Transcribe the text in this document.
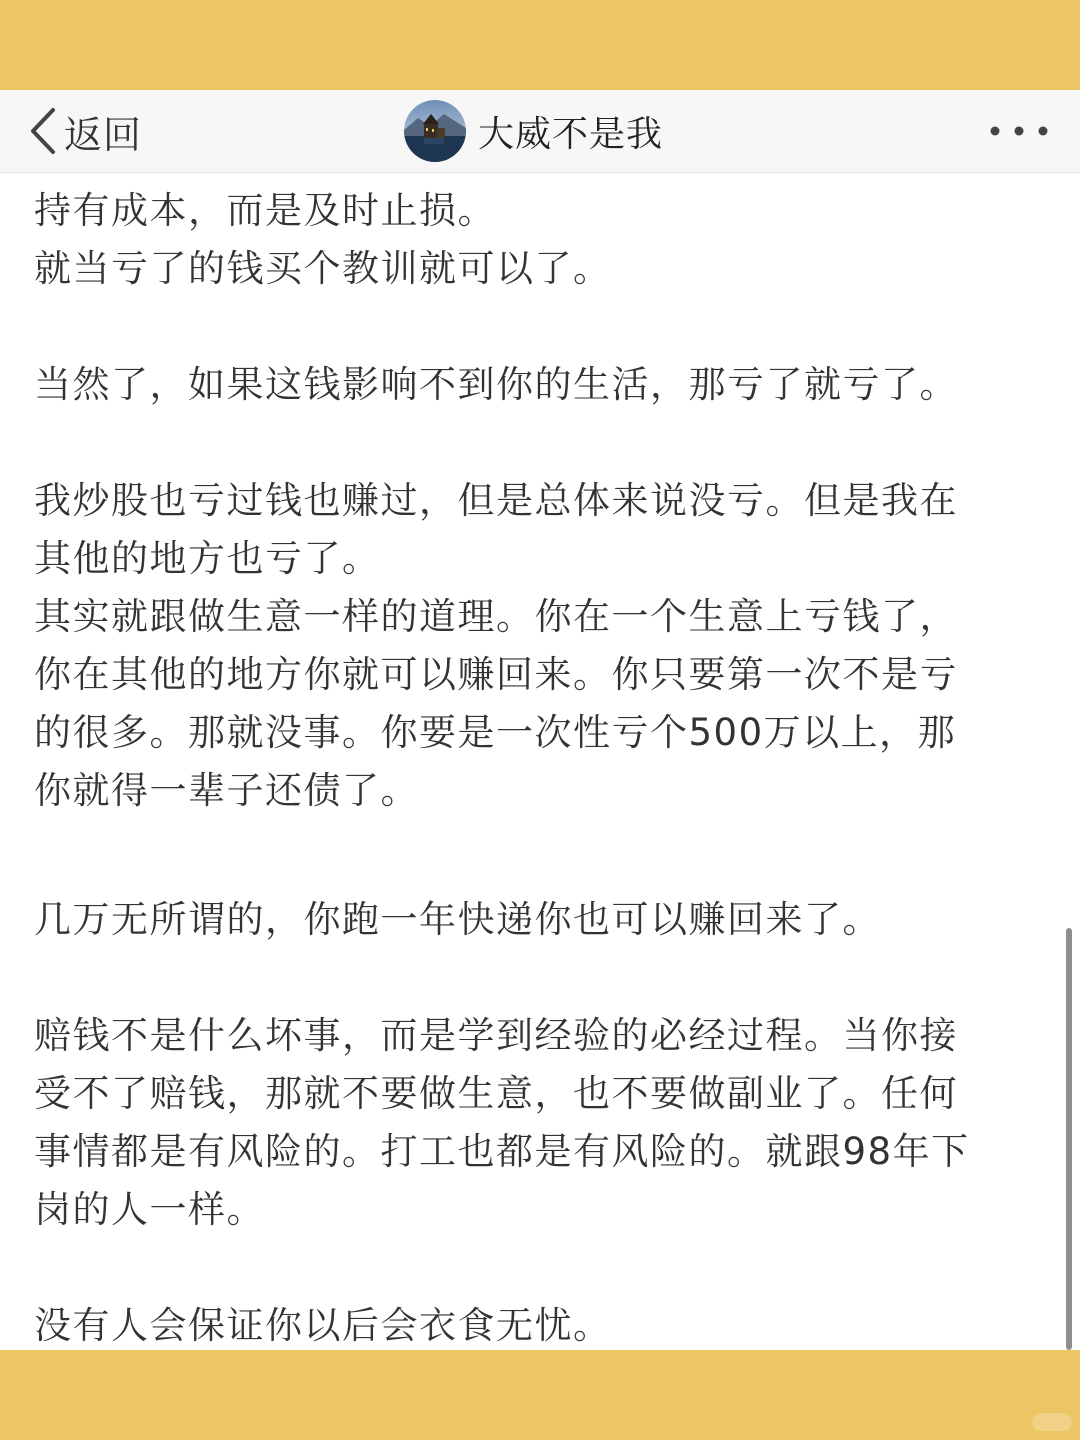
返回	大威不是我

持有成本，而是及时止损。

就当亏了的钱买个教训就可以了。

当然了，如果这钱影响不到你的生活，那亏了就亏了。

我炒股也亏过钱也赚过，但是总体来说没亏。但是我在

其他的地方也亏了。

其实就跟做生意一样的道理。你在一个生意上亏钱了，

你在其他的地方你就可以赚回来。你只要第一次不是亏

的很多。那就没事。你要是一次性亏个500万以上，那

你就得一辈子还债了。

几万无所谓的，你跑一年快递你也可以赚回来了。

赔钱不是什么坏事，而是学到经验的必经过程。当你接

受不了赔钱，那就不要做生意，也不要做副业了。任何

事情都是有风险的。打工也都是有风险的。就跟98年下

岗的人一样。

没有人会保证你以后会衣食无忧。
